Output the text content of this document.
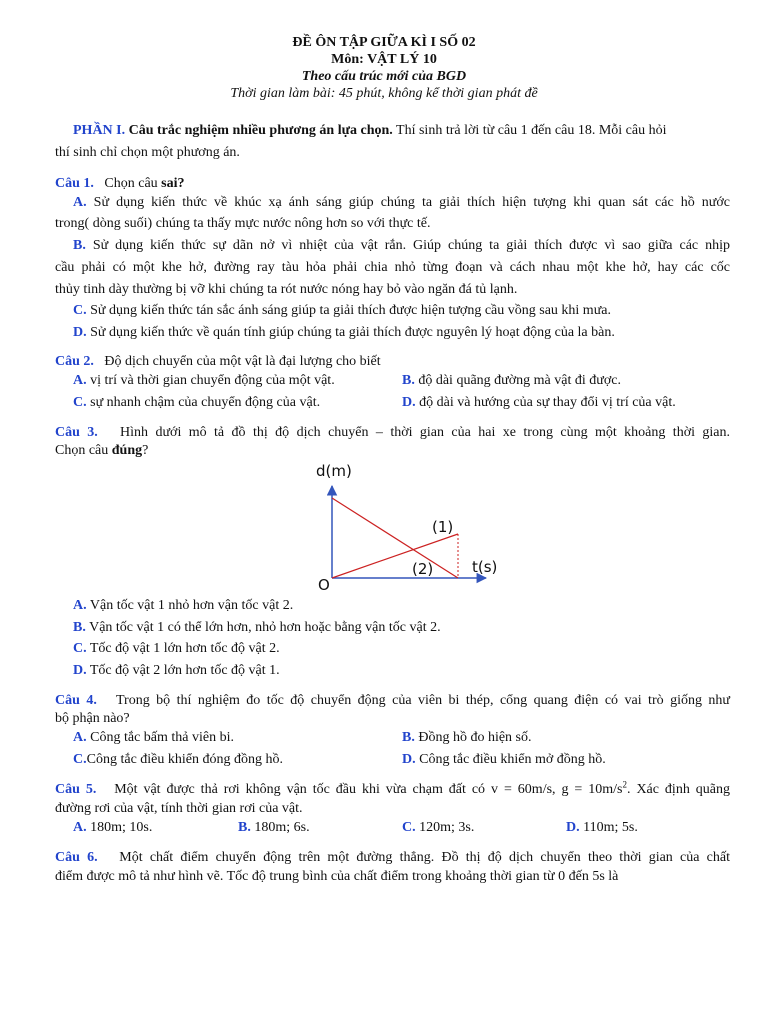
ĐỀ ÔN TẬP GIỮA KÌ I SỐ 02
Môn: VẬT LÝ 10
Theo cấu trúc mới của BGD
Thời gian làm bài: 45 phút, không kể thời gian phát đề
PHẦN I. Câu trắc nghiệm nhiều phương án lựa chọn. Thí sinh trả lời từ câu 1 đến câu 18. Mỗi câu hỏi
thí sinh chỉ chọn một phương án.
Câu 1. Chọn câu sai?
A. Sử dụng kiến thức về khúc xạ ánh sáng giúp chúng ta giải thích hiện tượng khi quan sát các hồ nước
trong( dòng suối) chúng ta thấy mực nước nông hơn so với thực tế.
B. Sử dụng kiến thức sự dãn nở vì nhiệt của vật rắn. Giúp chúng ta giải thích được vì sao giữa các nhịp
cầu phải có một khe hở, đường ray tàu hỏa phải chia nhỏ từng đoạn và cách nhau một khe hở, hay các cốc
thủy tinh dày thường bị vỡ khi chúng ta rót nước nóng hay bỏ vào ngăn đá tủ lạnh.
C. Sử dụng kiến thức tán sắc ánh sáng giúp ta giải thích được hiện tượng cầu vồng sau khi mưa.
D. Sử dụng kiến thức về quán tính giúp chúng ta giải thích được nguyên lý hoạt động của la bàn.
Câu 2. Độ dịch chuyển của một vật là đại lượng cho biết
A. vị trí và thời gian chuyển động của một vật.	B. độ dài quãng đường mà vật đi được.
C. sự nhanh chậm của chuyển động của vật.	D. độ dài và hướng của sự thay đổi vị trí của vật.
Câu 3. Hình dưới mô tả đồ thị độ dịch chuyển – thời gian của hai xe trong cùng một khoảng thời gian.
Chọn câu đúng?
d(m)
t(s)
O
(1)
(2)
A. Vận tốc vật 1 nhỏ hơn vận tốc vật 2.
B. Vận tốc vật 1 có thể lớn hơn, nhỏ hơn hoặc bằng vận tốc vật 2.
C. Tốc độ vật 1 lớn hơn tốc độ vật 2.
D. Tốc độ vật 2 lớn hơn tốc độ vật 1.
Câu 4. Trong bộ thí nghiệm đo tốc độ chuyển động của viên bi thép, cổng quang điện có vai trò giống như
bộ phận nào?
A. Công tắc bấm thả viên bi.	B. Đồng hồ đo hiện số.
C.Công tắc điều khiển đóng đồng hồ.	D. Công tắc điều khiển mở đồng hồ.
Câu 5. Một vật được thả rơi không vận tốc đầu khi vừa chạm đất có v = 60m/s, $g = 10m/s^2$. Xác định quãng
đường rơi của vật, tính thời gian rơi của vật.
A. 180m; 10s.	B. 180m; 6s.	C. 120m; 3s.	D. 110m; 5s.
Câu 6. Một chất điểm chuyển động trên một đường thẳng. Đồ thị độ dịch chuyển theo thời gian của chất
điểm được mô tả như hình vẽ. Tốc độ trung bình của chất điểm trong khoảng thời gian từ 0 đến 5s là
